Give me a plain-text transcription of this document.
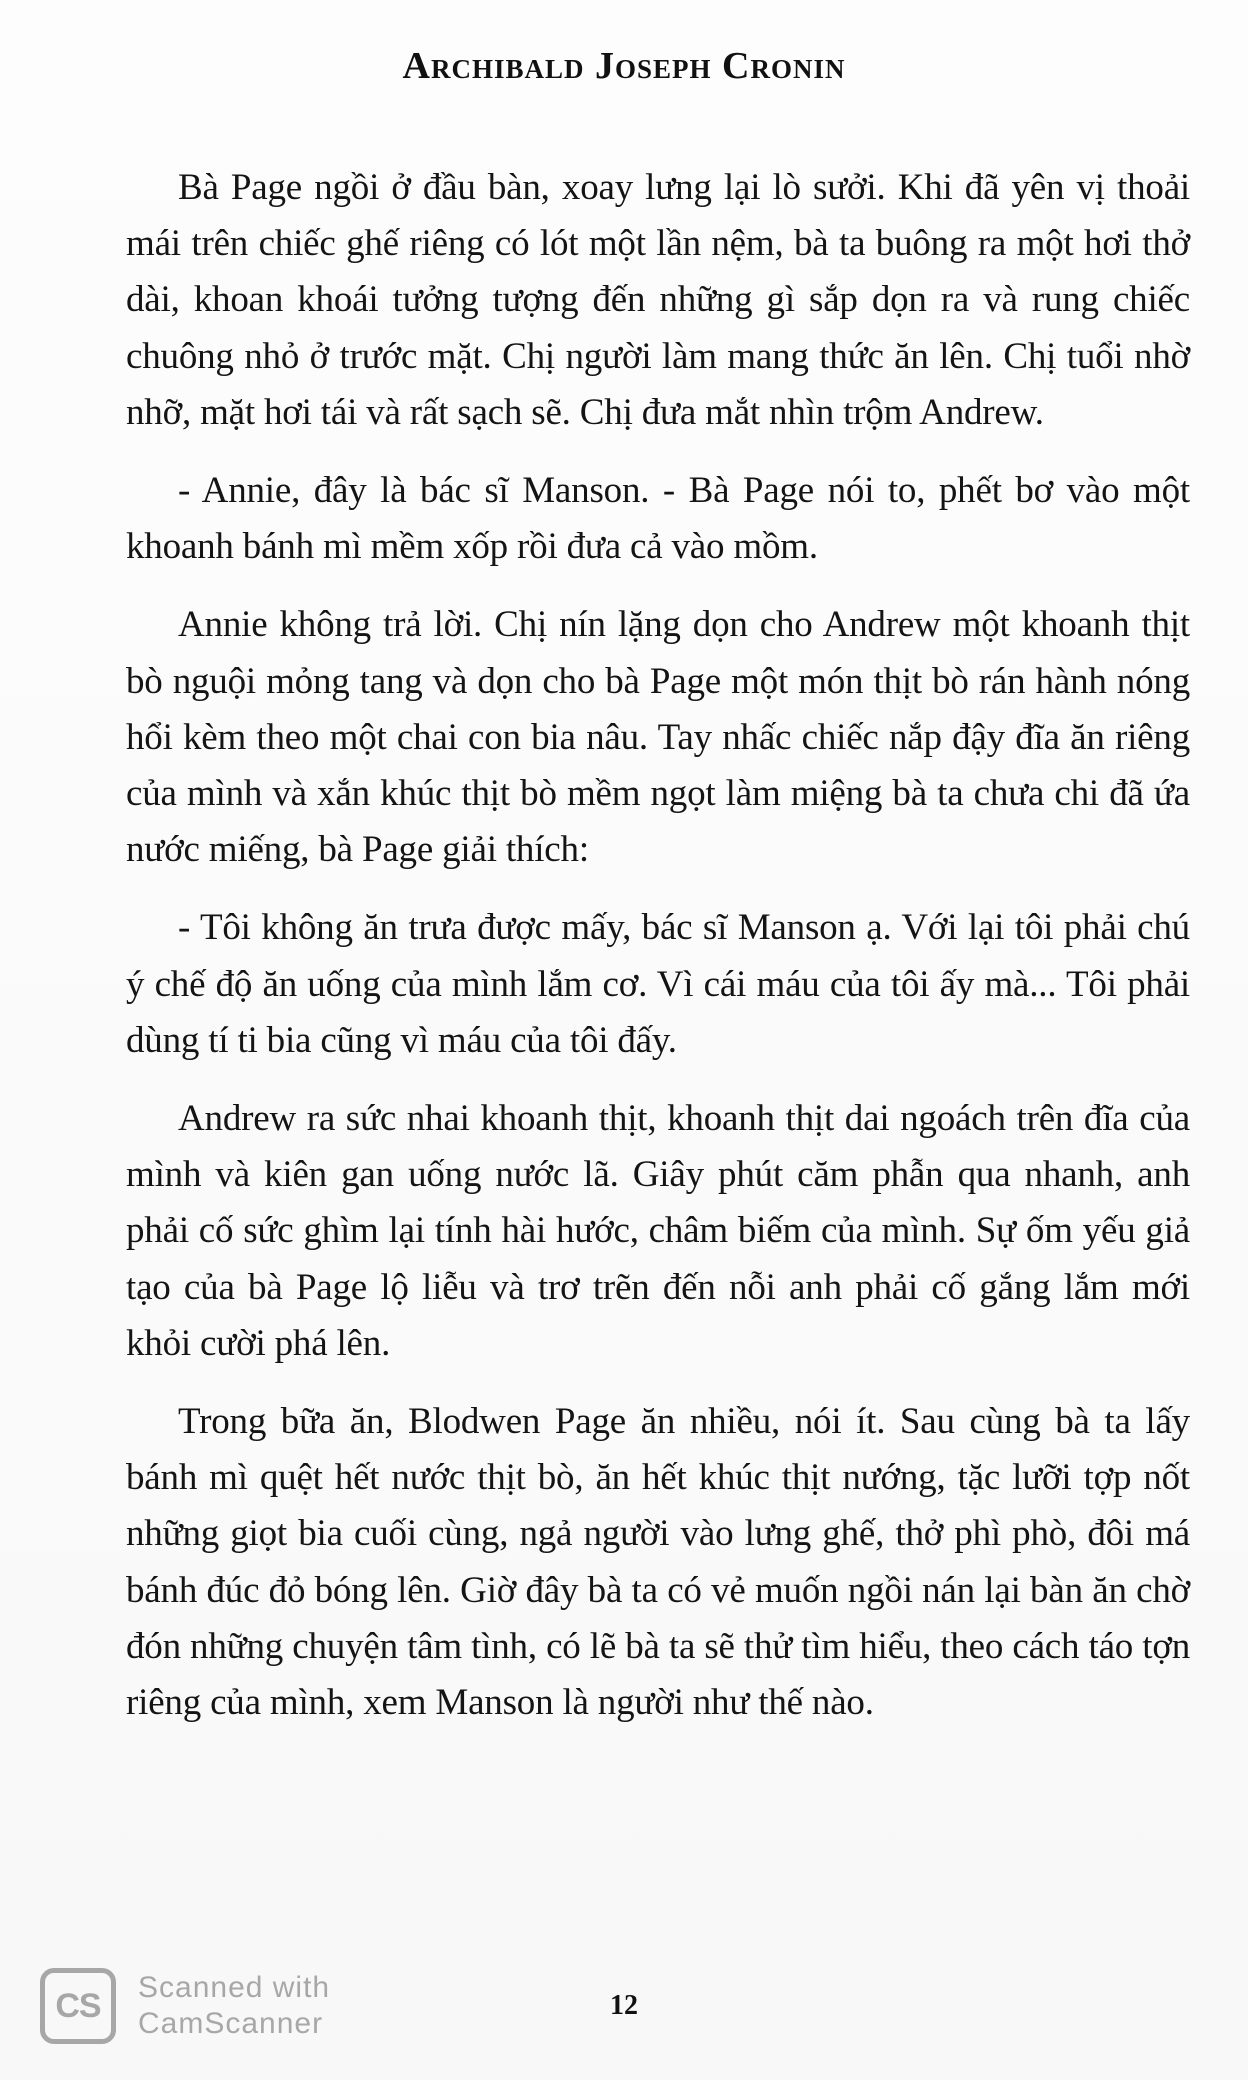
Archibald Joseph Cronin

Bà Page ngồi ở đầu bàn, xoay lưng lại lò sưởi. Khi đã yên vị thoải mái trên chiếc ghế riêng có lót một lần nệm, bà ta buông ra một hơi thở dài, khoan khoái tưởng tượng đến những gì sắp dọn ra và rung chiếc chuông nhỏ ở trước mặt. Chị người làm mang thức ăn lên. Chị tuổi nhờ nhỡ, mặt hơi tái và rất sạch sẽ. Chị đưa mắt nhìn trộm Andrew.

- Annie, đây là bác sĩ Manson. - Bà Page nói to, phết bơ vào một khoanh bánh mì mềm xốp rồi đưa cả vào mồm.

Annie không trả lời. Chị nín lặng dọn cho Andrew một khoanh thịt bò nguội mỏng tang và dọn cho bà Page một món thịt bò rán hành nóng hổi kèm theo một chai con bia nâu. Tay nhấc chiếc nắp đậy đĩa ăn riêng của mình và xắn khúc thịt bò mềm ngọt làm miệng bà ta chưa chi đã ứa nước miếng, bà Page giải thích:

- Tôi không ăn trưa được mấy, bác sĩ Manson ạ. Với lại tôi phải chú ý chế độ ăn uống của mình lắm cơ. Vì cái máu của tôi ấy mà... Tôi phải dùng tí ti bia cũng vì máu của tôi đấy.

Andrew ra sức nhai khoanh thịt, khoanh thịt dai ngoách trên đĩa của mình và kiên gan uống nước lã. Giây phút căm phẫn qua nhanh, anh phải cố sức ghìm lại tính hài hước, châm biếm của mình. Sự ốm yếu giả tạo của bà Page lộ liễu và trơ trẽn đến nỗi anh phải cố gắng lắm mới khỏi cười phá lên.

Trong bữa ăn, Blodwen Page ăn nhiều, nói ít. Sau cùng bà ta lấy bánh mì quệt hết nước thịt bò, ăn hết khúc thịt nướng, tặc lưỡi tợp nốt những giọt bia cuối cùng, ngả người vào lưng ghế, thở phì phò, đôi má bánh đúc đỏ bóng lên. Giờ đây bà ta có vẻ muốn ngồi nán lại bàn ăn chờ đón những chuyện tâm tình, có lẽ bà ta sẽ thử tìm hiểu, theo cách táo tợn riêng của mình, xem Manson là người như thế nào.

12
CS	Scanned with
CamScanner
